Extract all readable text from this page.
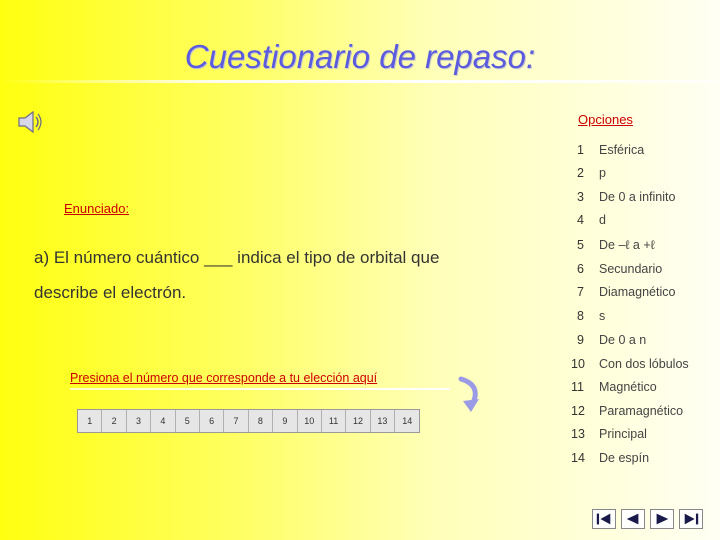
Cuestionario de repaso:
Opciones
1 Esférica
2 p
3 De 0 a infinito
4 d
5 De –ℓ a +ℓ
6 Secundario
7 Diamagnético
8 s
9 De 0 a n
10 Con dos lóbulos
11 Magnético
12 Paramagnético
13 Principal
14 De espín
Enunciado:
a) El número cuántico ___ indica el tipo de orbital que
describe el electrón.
Presiona el número que corresponde a tu elección aquí
1	2	3	4	5	6	7	8	9	10	11	12	13	14
